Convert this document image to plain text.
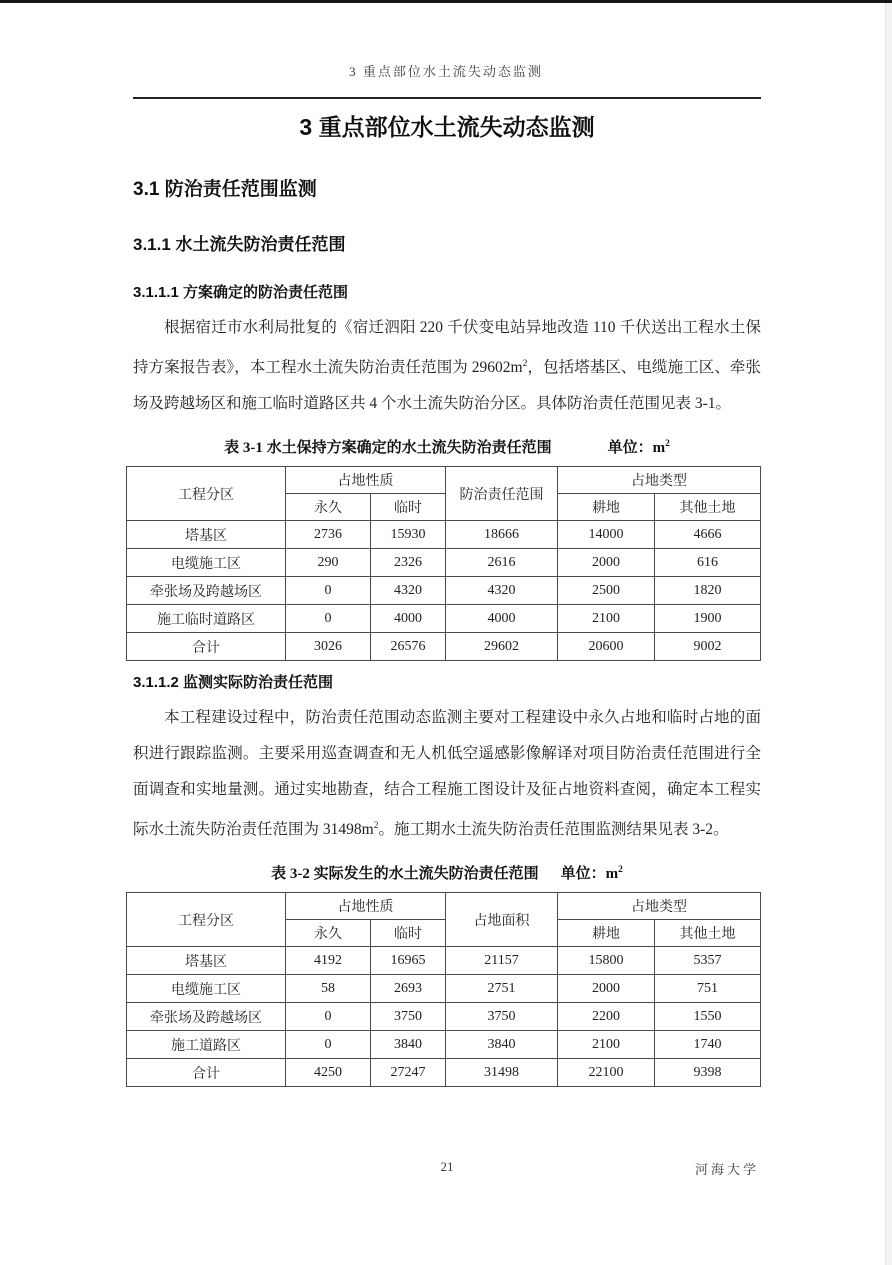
3 重点部位水土流失动态监测
3 重点部位水土流失动态监测
3.1 防治责任范围监测
3.1.1 水土流失防治责任范围
3.1.1.1 方案确定的防治责任范围

根据宿迁市水利局批复的《宿迁泗阳 220 千伏变电站异地改造 110 千伏送出工程水土保持方案报告表》，本工程水土流失防治责任范围为 $29602m^2$，包括塔基区、电缆施工区、牵张场及跨越场区和施工临时道路区共 4 个水土流失防治分区。具体防治责任范围见表 3-1。

表 3-1 水土保持方案确定的水土流失防治责任范围	单位：$m^2$
工程分区	占地性质		防治责任范围	占地类型	
	永久	临时		耕地	其他土地
塔基区	2736	15930	18666	14000	4666
电缆施工区	290	2326	2616	2000	616
牵张场及跨越场区	0	4320	4320	2500	1820
施工临时道路区	0	4000	4000	2100	1900
合计	3026	26576	29602	20600	9002
3.1.1.2 监测实际防治责任范围

本工程建设过程中，防治责任范围动态监测主要对工程建设中永久占地和临时占地的面积进行跟踪监测。主要采用巡查调查和无人机低空遥感影像解译对项目防治责任范围进行全面调查和实地量测。通过实地勘查，结合工程施工图设计及征占地资料查阅，确定本工程实际水土流失防治责任范围为 $31498m^2$。施工期水土流失防治责任范围监测结果见表 3-2。

表 3-2 实际发生的水土流失防治责任范围 单位：$m^2$
工程分区	占地性质		占地面积	占地类型	
	永久	临时		耕地	其他土地
塔基区	4192	16965	21157	15800	5357
电缆施工区	58	2693	2751	2000	751
牵张场及跨越场区	0	3750	3750	2200	1550
施工道路区	0	3840	3840	2100	1740
合计	4250	27247	31498	22100	9398
21	河海大学
